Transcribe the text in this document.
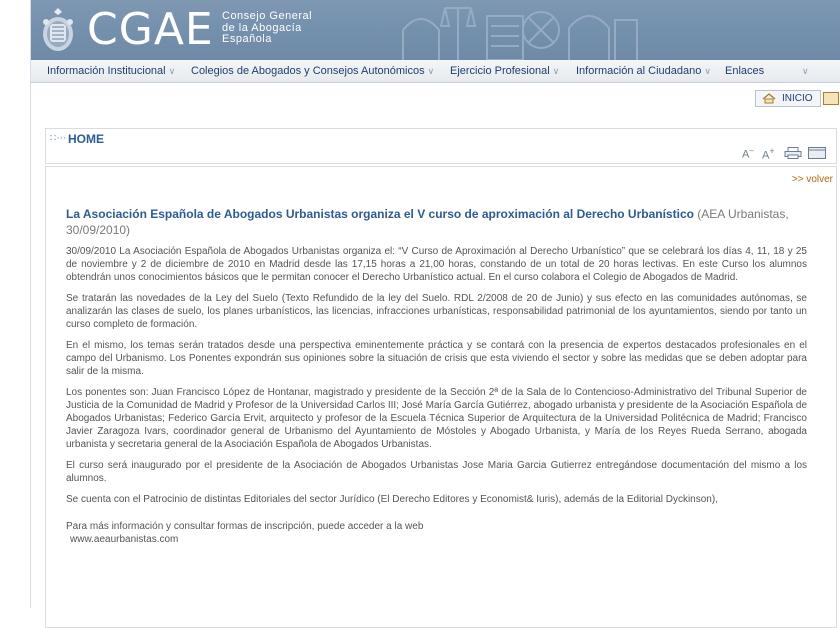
CGAE Consejo General
de la Abogacía
Española
Información Institucional ∨ Colegios de Abogados y Consejos Autonómicos ∨ Ejercicio Profesional ∨ Información al Ciudadano ∨ Enlaces	∨
INICIO
∷⋯ HOME
A– A+
>> volver

La Asociación Española de Abogados Urbanistas organiza el V curso de aproximación al Derecho Urbanístico (AEA Urbanistas, 30/09/2010)

30/09/2010 La Asociación Española de Abogados Urbanistas organiza el: “V Curso de Aproximación al Derecho Urbanístico” que se celebrará los días 4, 11, 18 y 25 de noviembre y 2 de diciembre de 2010 en Madrid desde las 17,15 horas a 21,00 horas, constando de un total de 20 horas lectivas. En este Curso los alumnos obtendrán unos conocimientos básicos que le permitan conocer el Derecho Urbanístico actual. En el curso colabora el Colegio de Abogados de Madrid.

Se tratarán las novedades de la Ley del Suelo (Texto Refundido de la ley del Suelo. RDL 2/2008 de 20 de Junio) y sus efecto en las comunidades autónomas, se analizarán las clases de suelo, los planes urbanísticos, las licencias, infracciones urbanísticas, responsabilidad patrimonial de los ayuntamientos, siendo por tanto un curso completo de formación.

En el mismo, los temas serán tratados desde una perspectiva eminentemente práctica y se contará con la presencia de expertos destacados profesionales en el campo del Urbanismo. Los Ponentes expondrán sus opiniones sobre la situación de crisis que esta viviendo el sector y sobre las medidas que se deben adoptar para salir de la misma.

Los ponentes son: Juan Francisco López de Hontanar, magistrado y presidente de la Sección 2ª de la Sala de lo Contencioso-Administrativo del Tribunal Superior de Justicia de la Comunidad de Madrid y Profesor de la Universidad Carlos III; José María García Gutiérrez, abogado urbanista y presidente de la Asociación Española de Abogados Urbanistas; Federico García Ervit, arquitecto y profesor de la Escuela Técnica Superior de Arquitectura de la Universidad Politécnica de Madrid; Francisco Javier Zaragoza Ivars, coordinador general de Urbanismo del Ayuntamiento de Móstoles y Abogado Urbanista, y María de los Reyes Rueda Serrano, abogada urbanista y secretaria general de la Asociación Española de Abogados Urbanistas.

El curso será inaugurado por el presidente de la Asociación de Abogados Urbanistas Jose Maria Garcia Gutierrez entregándose documentación del mismo a los alumnos.

Se cuenta con el Patrocinio de distintas Editoriales del sector Jurídico (El Derecho Editores y Economist& Iuris), además de la Editorial Dyckinson),

Para más información y consultar formas de inscripción, puede acceder a la web

www.aeaurbanistas.com
